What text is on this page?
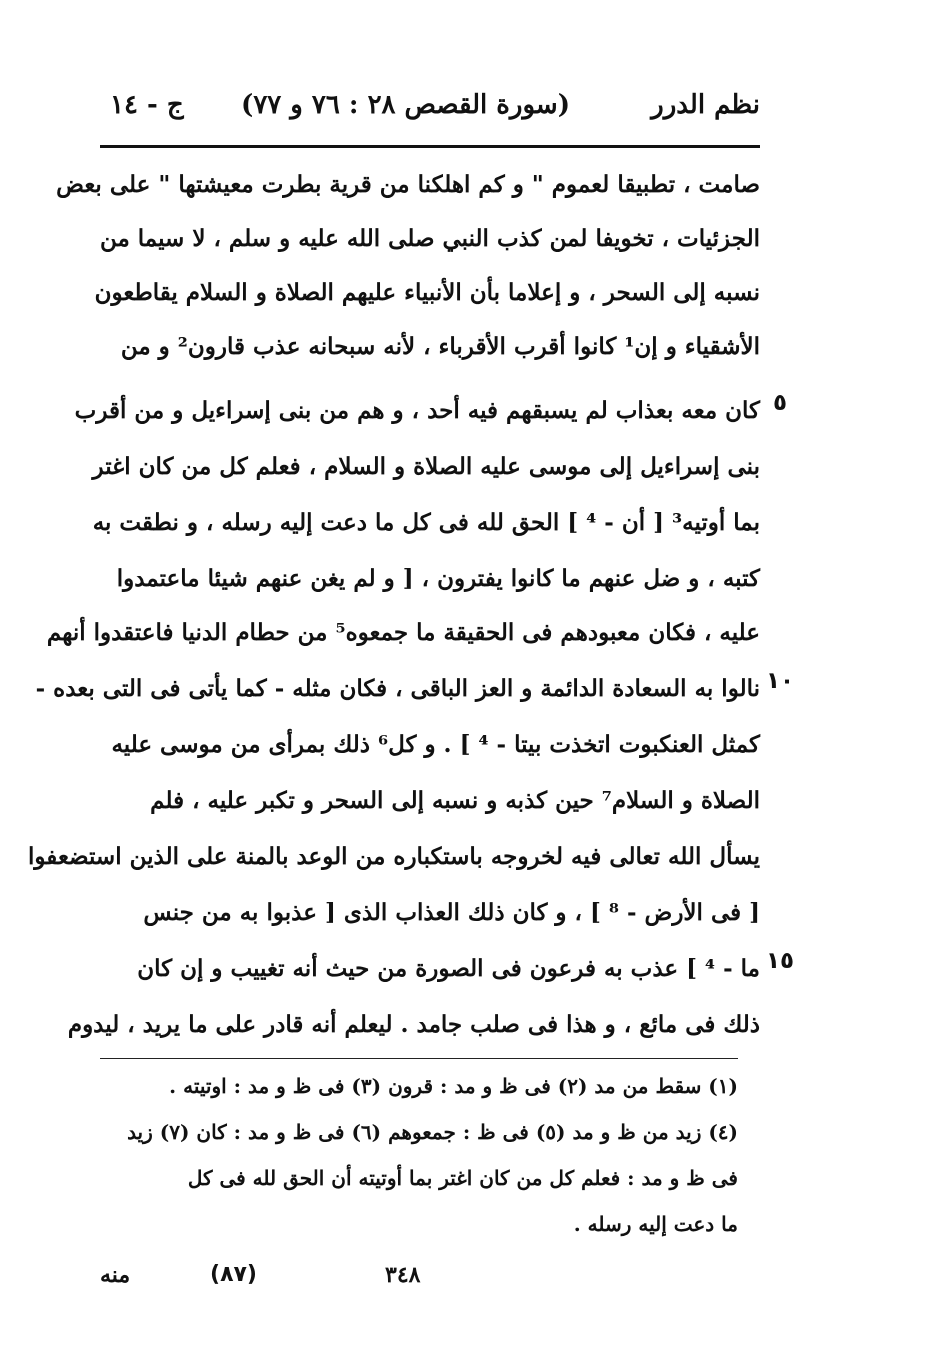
نظم الدرر
(سورة القصص ٢٨ : ٧٦ و ٧٧)
ج - ١٤
صامت ، تطبيقا لعموم " و كم اهلكنا من قرية بطرت معيشتها " على بعض
الجزئيات ، تخويفا لمن كذب النبي صلى الله عليه و سلم ، لا سيما من
نسبه إلى السحر ، و إعلاما بأن الأنبياء عليهم الصلاة و السلام يقاطعون
الأشقياء و إن¹ كانوا أقرب الأقرباء ، لأنه سبحانه عذب قارون² و من
كان معه بعذاب لم يسبقهم فيه أحد ، و هم من بنى إسراءيل و من أقرب
بنى إسراءيل إلى موسى عليه الصلاة و السلام ، فعلم كل من كان اغتر
بما أوتيه³ [ أن - ⁴ ] الحق لله فى كل ما دعت إليه رسله ، و نطقت به
كتبه ، و ضل عنهم ما كانوا يفترون ، [ و لم يغن عنهم شيئا ماعتمدوا
عليه ، فكان معبودهم فى الحقيقة ما جمعوه⁵ من حطام الدنيا فاعتقدوا أنهم
نالوا به السعادة الدائمة و العز الباقى ، فكان مثله - كما يأتى فى التى بعده -
كمثل العنكبوت اتخذت بيتا - ⁴ ] . و كل⁶ ذلك بمرأى من موسى عليه
الصلاة و السلام⁷ حين كذبه و نسبه إلى السحر و تكبر عليه ، فلم
يسأل الله تعالى فيه لخروجه باستكباره من الوعد بالمنة على الذين استضعفوا
[ فى الأرض - ⁸ ] ، و كان ذلك العذاب الذى [ عذبوا به من جنس
ما - ⁴ ] عذب به فرعون فى الصورة من حيث أنه تغييب و إن كان
ذلك فى مائع ، و هذا فى صلب جامد . ليعلم أنه قادر على ما يريد ، ليدوم
٥
١٠
١٥
(١) سقط من مد (٢) فى ظ و مد : قرون (٣) فى ظ و مد : اوتيته .
(٤) زيد من ظ و مد (٥) فى ظ : جمعوهم (٦) فى ظ و مد : كان (٧) زيد
فى ظ و مد : فعلم كل من كان اغتر بما أوتيته أن الحق لله فى كل
ما دعت إليه رسله .
منه	(٨٧)	٣٤٨
